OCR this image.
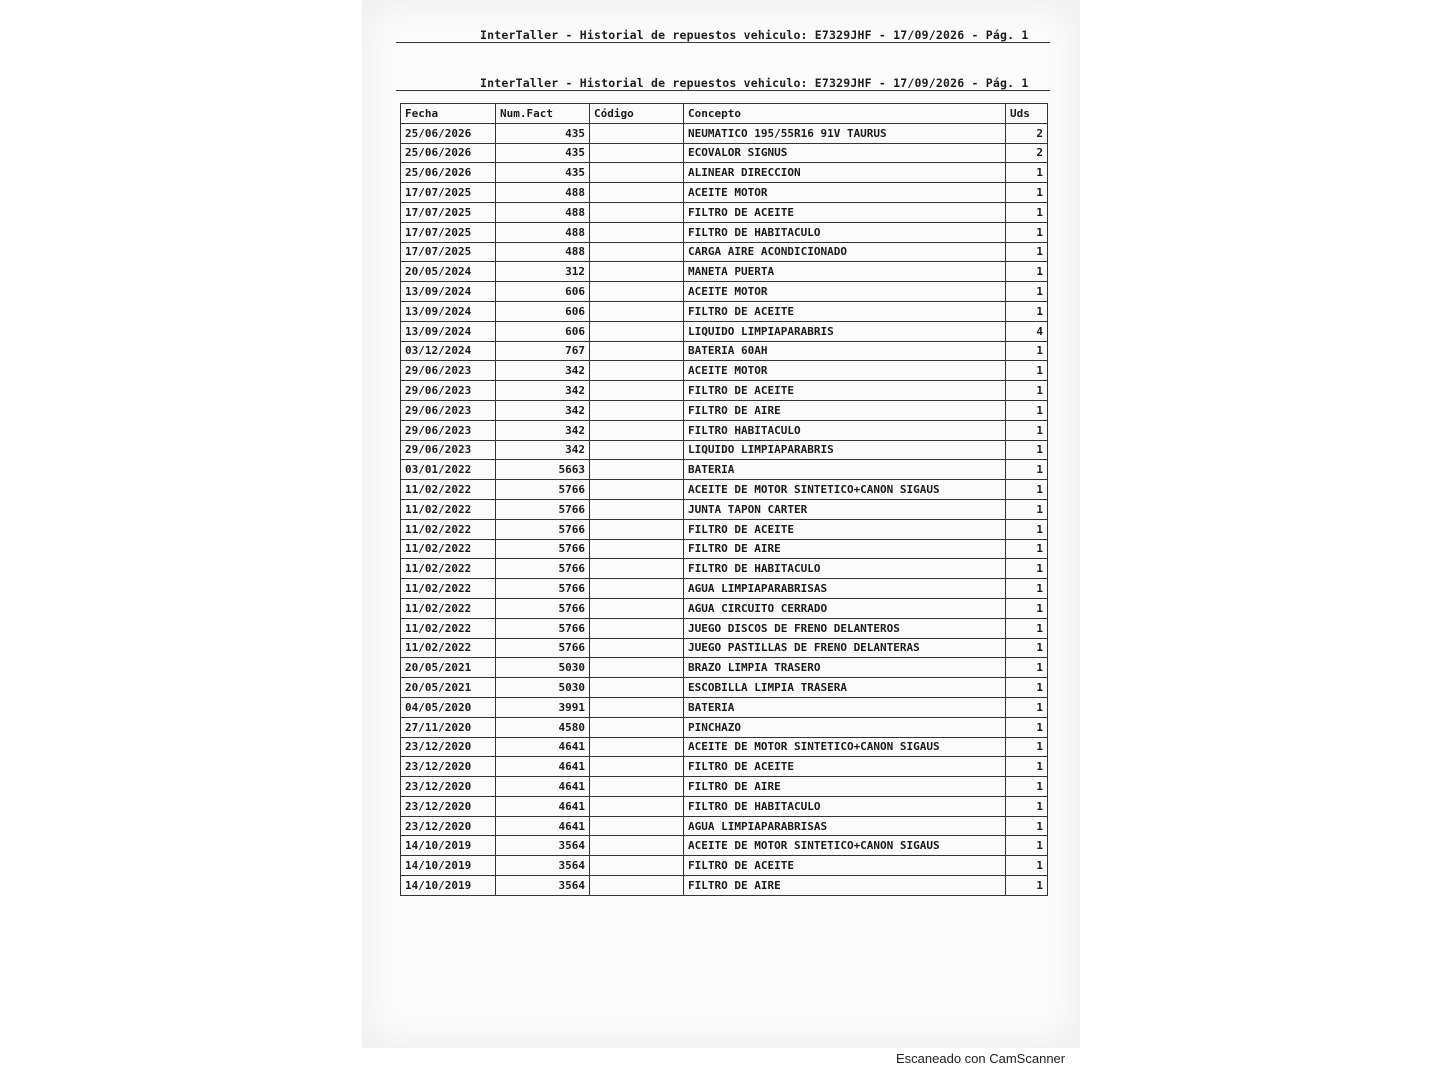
InterTaller - Historial de repuestos vehiculo: E7329JHF - 17/09/2026 - Pág. 1
InterTaller - Historial de repuestos vehiculo: E7329JHF - 17/09/2026 - Pág. 1
Fecha	Num.Fact	Código	Concepto	Uds
25/06/2026	435		NEUMATICO 195/55R16 91V TAURUS	2
25/06/2026	435		ECOVALOR SIGNUS	2
25/06/2026	435		ALINEAR DIRECCION	1
17/07/2025	488		ACEITE MOTOR	1
17/07/2025	488		FILTRO DE ACEITE	1
17/07/2025	488		FILTRO DE HABITACULO	1
17/07/2025	488		CARGA AIRE ACONDICIONADO	1
20/05/2024	312		MANETA PUERTA	1
13/09/2024	606		ACEITE MOTOR	1
13/09/2024	606		FILTRO DE ACEITE	1
13/09/2024	606		LIQUIDO LIMPIAPARABRIS	4
03/12/2024	767		BATERIA 60AH	1
29/06/2023	342		ACEITE MOTOR	1
29/06/2023	342		FILTRO DE ACEITE	1
29/06/2023	342		FILTRO DE AIRE	1
29/06/2023	342		FILTRO HABITACULO	1
29/06/2023	342		LIQUIDO LIMPIAPARABRIS	1
03/01/2022	5663		BATERIA	1
11/02/2022	5766		ACEITE DE MOTOR SINTETICO+CANON SIGAUS	1
11/02/2022	5766		JUNTA TAPON CARTER	1
11/02/2022	5766		FILTRO DE ACEITE	1
11/02/2022	5766		FILTRO DE AIRE	1
11/02/2022	5766		FILTRO DE HABITACULO	1
11/02/2022	5766		AGUA LIMPIAPARABRISAS	1
11/02/2022	5766		AGUA CIRCUITO CERRADO	1
11/02/2022	5766		JUEGO DISCOS DE FRENO DELANTEROS	1
11/02/2022	5766		JUEGO PASTILLAS DE FRENO DELANTERAS	1
20/05/2021	5030		BRAZO LIMPIA TRASERO	1
20/05/2021	5030		ESCOBILLA LIMPIA TRASERA	1
04/05/2020	3991		BATERIA	1
27/11/2020	4580		PINCHAZO	1
23/12/2020	4641		ACEITE DE MOTOR SINTETICO+CANON SIGAUS	1
23/12/2020	4641		FILTRO DE ACEITE	1
23/12/2020	4641		FILTRO DE AIRE	1
23/12/2020	4641		FILTRO DE HABITACULO	1
23/12/2020	4641		AGUA LIMPIAPARABRISAS	1
14/10/2019	3564		ACEITE DE MOTOR SINTETICO+CANON SIGAUS	1
14/10/2019	3564		FILTRO DE ACEITE	1
14/10/2019	3564		FILTRO DE AIRE	1
Escaneado con CamScanner
